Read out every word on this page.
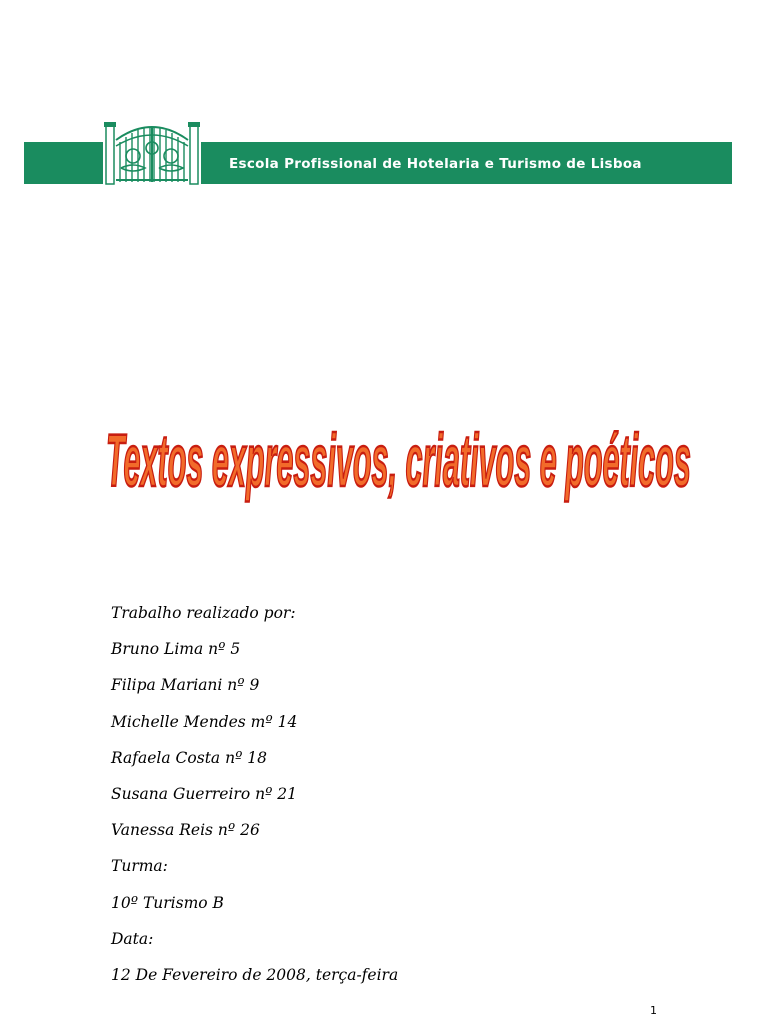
Escola Profissional de Hotelaria e Turismo de Lisboa
Textos expressivos, criativos e poéticos
Trabalho realizado por:
Bruno Lima nº 5
Filipa Mariani nº 9
Michelle Mendes mº 14
Rafaela Costa nº 18
Susana Guerreiro nº 21
Vanessa Reis nº 26
Turma:
10º Turismo B
Data:
12 De Fevereiro de 2008, terça-feira
1
